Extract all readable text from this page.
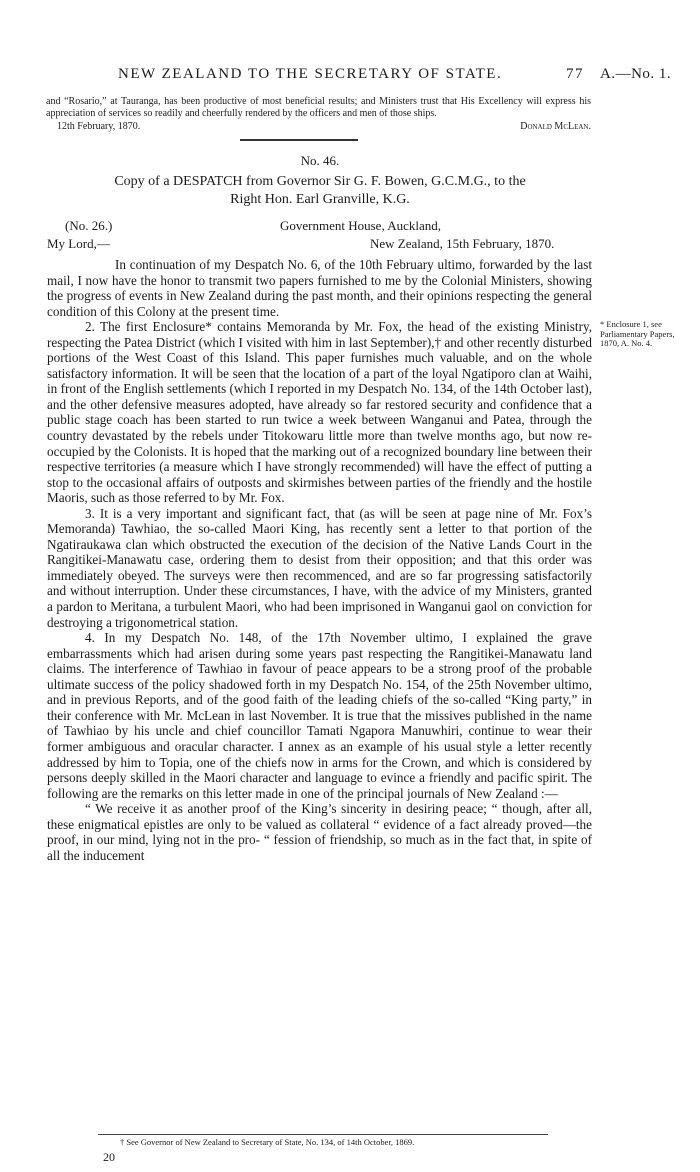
NEW ZEALAND TO THE SECRETARY OF STATE.	77 A.—No. 1.
and “Rosario,” at Tauranga, has been productive of most beneficial results; and Ministers trust that His Excellency will express his appreciation of services so readily and cheerfully rendered by the officers and men of those ships.
12th February, 1870.	Donald McLean.
No. 46.
Copy of a DESPATCH from Governor Sir G. F. Bowen, G.C.M.G., to the
Right Hon. Earl Granville, K.G.
(No. 26.)	Government House, Auckland,
My Lord,—	New Zealand, 15th February, 1870.

In continuation of my Despatch No. 6, of the 10th February ultimo, forwarded by the last mail, I now have the honor to transmit two papers furnished to me by the Colonial Ministers, showing the progress of events in New Zealand during the past month, and their opinions respecting the general condition of this Colony at the present time.

2. The first Enclosure* contains Memoranda by Mr. Fox, the head of the existing Ministry, respecting the Patea District (which I visited with him in last September),† and other recently disturbed portions of the West Coast of this Island. This paper furnishes much valuable, and on the whole satisfactory information. It will be seen that the location of a part of the loyal Ngatiporo clan at Waihi, in front of the English settlements (which I reported in my Despatch No. 134, of the 14th October last), and the other defensive measures adopted, have already so far restored security and confidence that a public stage coach has been started to run twice a week between Wanganui and Patea, through the country devastated by the rebels under Titokowaru little more than twelve months ago, but now re-occupied by the Colonists. It is hoped that the marking out of a recognized boundary line between their respective territories (a measure which I have strongly recommended) will have the effect of putting a stop to the occasional affairs of outposts and skirmishes between parties of the friendly and the hostile Maoris, such as those referred to by Mr. Fox.

3. It is a very important and significant fact, that (as will be seen at page nine of Mr. Fox’s Memoranda) Tawhiao, the so-called Maori King, has recently sent a letter to that portion of the Ngatiraukawa clan which obstructed the execution of the decision of the Native Lands Court in the Rangitikei-Manawatu case, ordering them to desist from their opposition; and that this order was immediately obeyed. The surveys were then recommenced, and are so far progressing satisfactorily and without interruption. Under these circumstances, I have, with the advice of my Ministers, granted a pardon to Meritana, a turbulent Maori, who had been imprisoned in Wanganui gaol on conviction for destroying a trigonometrical station.

4. In my Despatch No. 148, of the 17th November ultimo, I explained the grave embarrassments which had arisen during some years past respecting the Rangitikei-Manawatu land claims. The interference of Tawhiao in favour of peace appears to be a strong proof of the probable ultimate success of the policy shadowed forth in my Despatch No. 154, of the 25th November ultimo, and in previous Reports, and of the good faith of the leading chiefs of the so-called “King party,” in their conference with Mr. McLean in last November. It is true that the missives published in the name of Tawhiao by his uncle and chief councillor Tamati Ngapora Manuwhiri, continue to wear their former ambiguous and oracular character. I annex as an example of his usual style a letter recently addressed by him to Topia, one of the chiefs now in arms for the Crown, and which is considered by persons deeply skilled in the Maori character and language to evince a friendly and pacific spirit. The following are the remarks on this letter made in one of the principal journals of New Zealand :—

“ We receive it as another proof of the King’s sincerity in desiring peace; “ though, after all, these enigmatical epistles are only to be valued as collateral “ evidence of a fact already proved—the proof, in our mind, lying not in the pro- “ fession of friendship, so much as in the fact that, in spite of all the inducement

* Enclosure 1, see Parliamentary Papers, 1870, A. No. 4.
† See Governor of New Zealand to Secretary of State, No. 134, of 14th October, 1869.
20
